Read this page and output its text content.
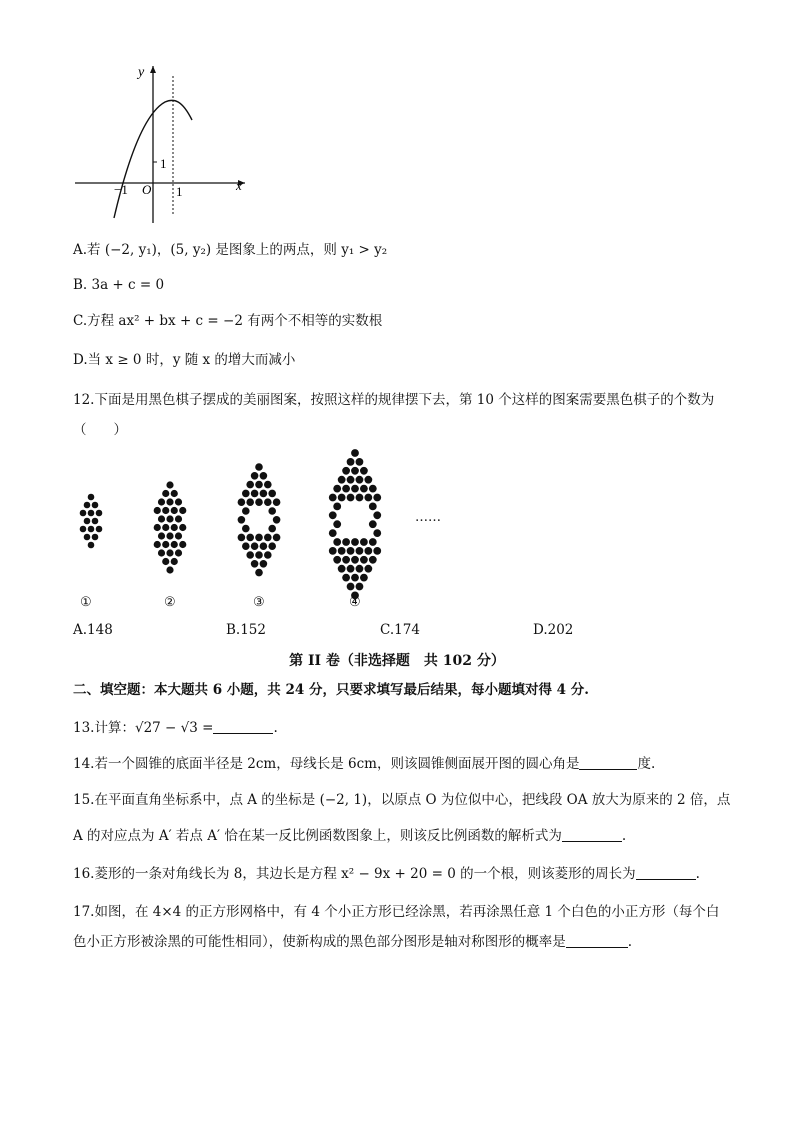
y
x
O
−1	1
1
A.若 (−2, y₁)，(5, y₂) 是图象上的两点，则 y₁ > y₂
B. 3a + c = 0
C.方程 ax² + bx + c = −2 有两个不相等的实数根
D.当 x ≥ 0 时，y 随 x 的增大而减小
12.下面是用黑色棋子摆成的美丽图案，按照这样的规律摆下去，第 10 个这样的图案需要黑色棋子的个数为
（　　）
……
①	②	③	④
A.148	B.152	C.174	D.202
第 II 卷（非选择题　共 102 分）
二、填空题：本大题共 6 小题，共 24 分，只要求填写最后结果，每小题填对得 4 分.
13.计算：√27 − √3 =	.
14.若一个圆锥的底面半径是 2cm，母线长是 6cm，则该圆锥侧面展开图的圆心角是	度.
15.在平面直角坐标系中，点 A 的坐标是 (−2, 1)，以原点 O 为位似中心，把线段 OA 放大为原来的 2 倍，点
A 的对应点为 A′ 若点 A′ 恰在某一反比例函数图象上，则该反比例函数的解析式为	.
16.菱形的一条对角线长为 8，其边长是方程 x² − 9x + 20 = 0 的一个根，则该菱形的周长为	.
17.如图，在 4×4 的正方形网格中，有 4 个小正方形已经涂黑，若再涂黑任意 1 个白色的小正方形（每个白
色小正方形被涂黑的可能性相同），使新构成的黑色部分图形是轴对称图形的概率是	.
